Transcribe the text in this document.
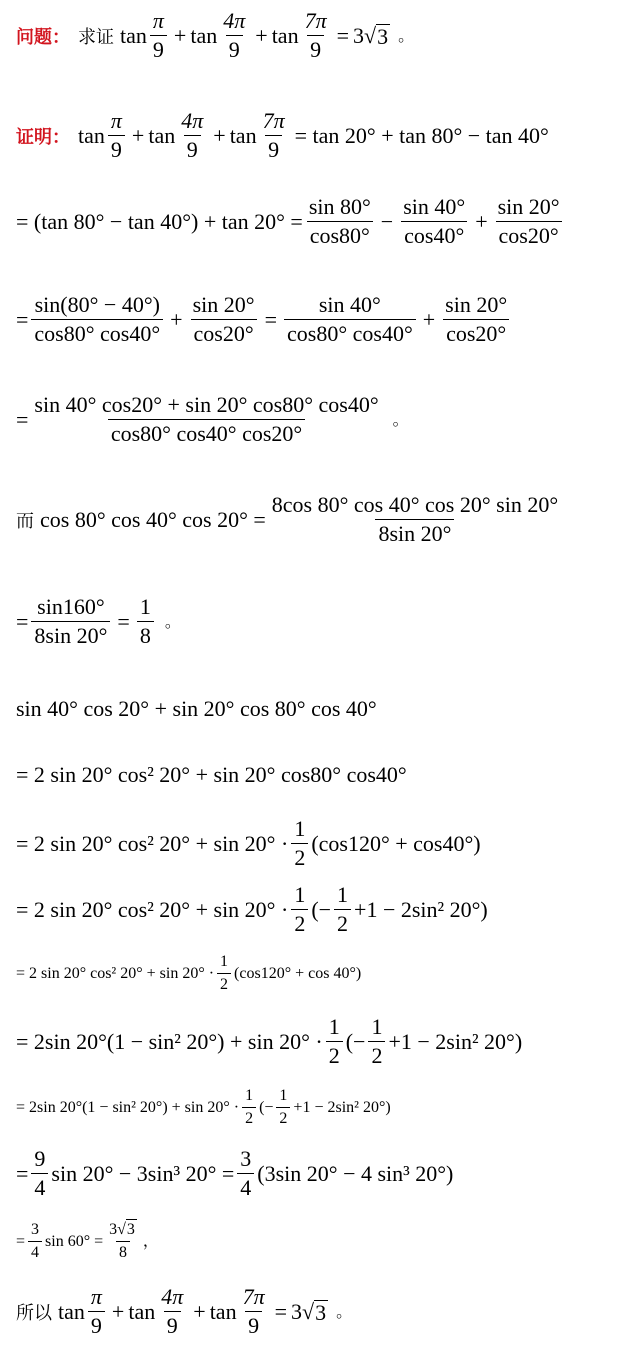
问题： 求证 $\tan \frac{\pi}{9} + \tan \frac{4\pi}{9} + \tan \frac{7\pi}{9} = 3$ √ 3 。
证明： $\tan \frac{\pi}{9} + \tan \frac{4\pi}{9} + \tan \frac{7\pi}{9} = \tan 20^\circ + \tan 80^\circ - \tan 40^\circ$
= (tan $80^\circ - \tan 40^\circ) + \tan 20^\circ = \frac{\sin 80^\circ}{\cos 80^\circ} - \frac{\sin 40^\circ}{\cos 40^\circ} + \frac{\sin 20^\circ}{\cos 20^\circ}$
= $\frac{\sin(80^\circ - 40^\circ)}{\cos 80^\circ \cos 40^\circ} + \frac{\sin 20^\circ}{\cos 20^\circ} = \frac{\sin 40^\circ}{\cos 80^\circ \cos 40^\circ} + \frac{\sin 20^\circ}{\cos 20^\circ}$
= $\frac{\sin 40^\circ \cos 20^\circ + \sin 20^\circ \cos 80^\circ \cos 40^\circ}{\cos 80^\circ \cos 40^\circ \cos 20^\circ}$ 。
而 cos 80° cos 40° $\cos 20^\circ = \frac{8\cos 80^\circ \cos 40^\circ \cos 20^\circ \sin 20^\circ}{8\sin 20^\circ}$
= $\frac{\sin 160^\circ}{8\sin 20^\circ} = \frac{1}{8}$ 。
sin 40° cos 20° + sin 20° cos 80° cos 40°
= 2 sin 20° cos² 20° + sin 20° cos80° cos40°
= 2 sin 20° cos² $20^\circ + \sin 20^\circ \cdot \frac{1}{2} (\cos 120^\circ + \cos 40^\circ)$
= 2 sin 20° cos² $20^\circ + \sin 20^\circ \cdot \frac{1}{2}$ (− $\frac{1}{2} +1 - 2\sin^2$ 20°)
= 2 sin 20° cos² $20^\circ + \sin 20^\circ \cdot \frac{1}{2} (\cos 120^\circ + \cos 40^\circ)$
= 2sin 20°(1 − sin² $20^\circ) + \sin 20^\circ \cdot \frac{1}{2}$ (− $\frac{1}{2} +1 - 2\sin^2$ 20°)
= 2sin 20°(1 − sin² $20^\circ) + \sin 20^\circ \cdot \frac{1}{2}$ (− $\frac{1}{2} +1 - 2\sin^2$ 20°)
= $\frac{9}{4}$ sin 20° − 3sin³ $20^\circ = \frac{3}{4} (3\sin$ 20° − 4 sin³ 20°)
= $\frac{3}{4}$ $\sin 60^\circ = \frac{3√3}{8}$ ，
所以 $\tan \frac{\pi}{9} + \tan \frac{4\pi}{9} + \tan \frac{7\pi}{9} = 3$ √ 3 。
